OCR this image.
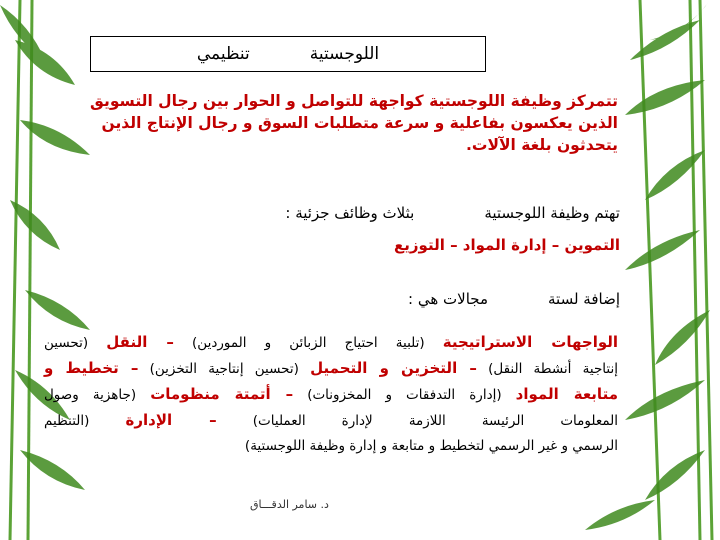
اللوجستية
تنظيمي
تتمركز وظيفة اللوجستية كواجهة للتواصل و الحوار بين رجال التسويق
الذين يعكسون بفاعلية و سرعة متطلبات السوق و رجال الإنتاج الذين
يتحدثون بلغة الآلات.
تهتم وظيفة اللوجستيةبثلاث وظائف جزئية :
التموين – إدارة المواد – التوزيع
إضافة لستةمجالات هي :
الواجهات الاستراتيجية (تلبية احتياج الزبائن و الموردين) – النقل (تحسين
إنتاجية أنشطة النقل) – التخزين و التحميل (تحسين إنتاجية التخزين) – تخطيط و
متابعة المواد (إدارة التدفقات و المخزونات) – أتمتة منظومات (جاهزية وصول
المعلومات الرئيسة اللازمة لإدارة العمليات) – الإدارة (التنظيم
الرسمي و غير الرسمي لتخطيط و متابعة و إدارة وظيفة اللوجستية)
د. سامر الدقـــاق
